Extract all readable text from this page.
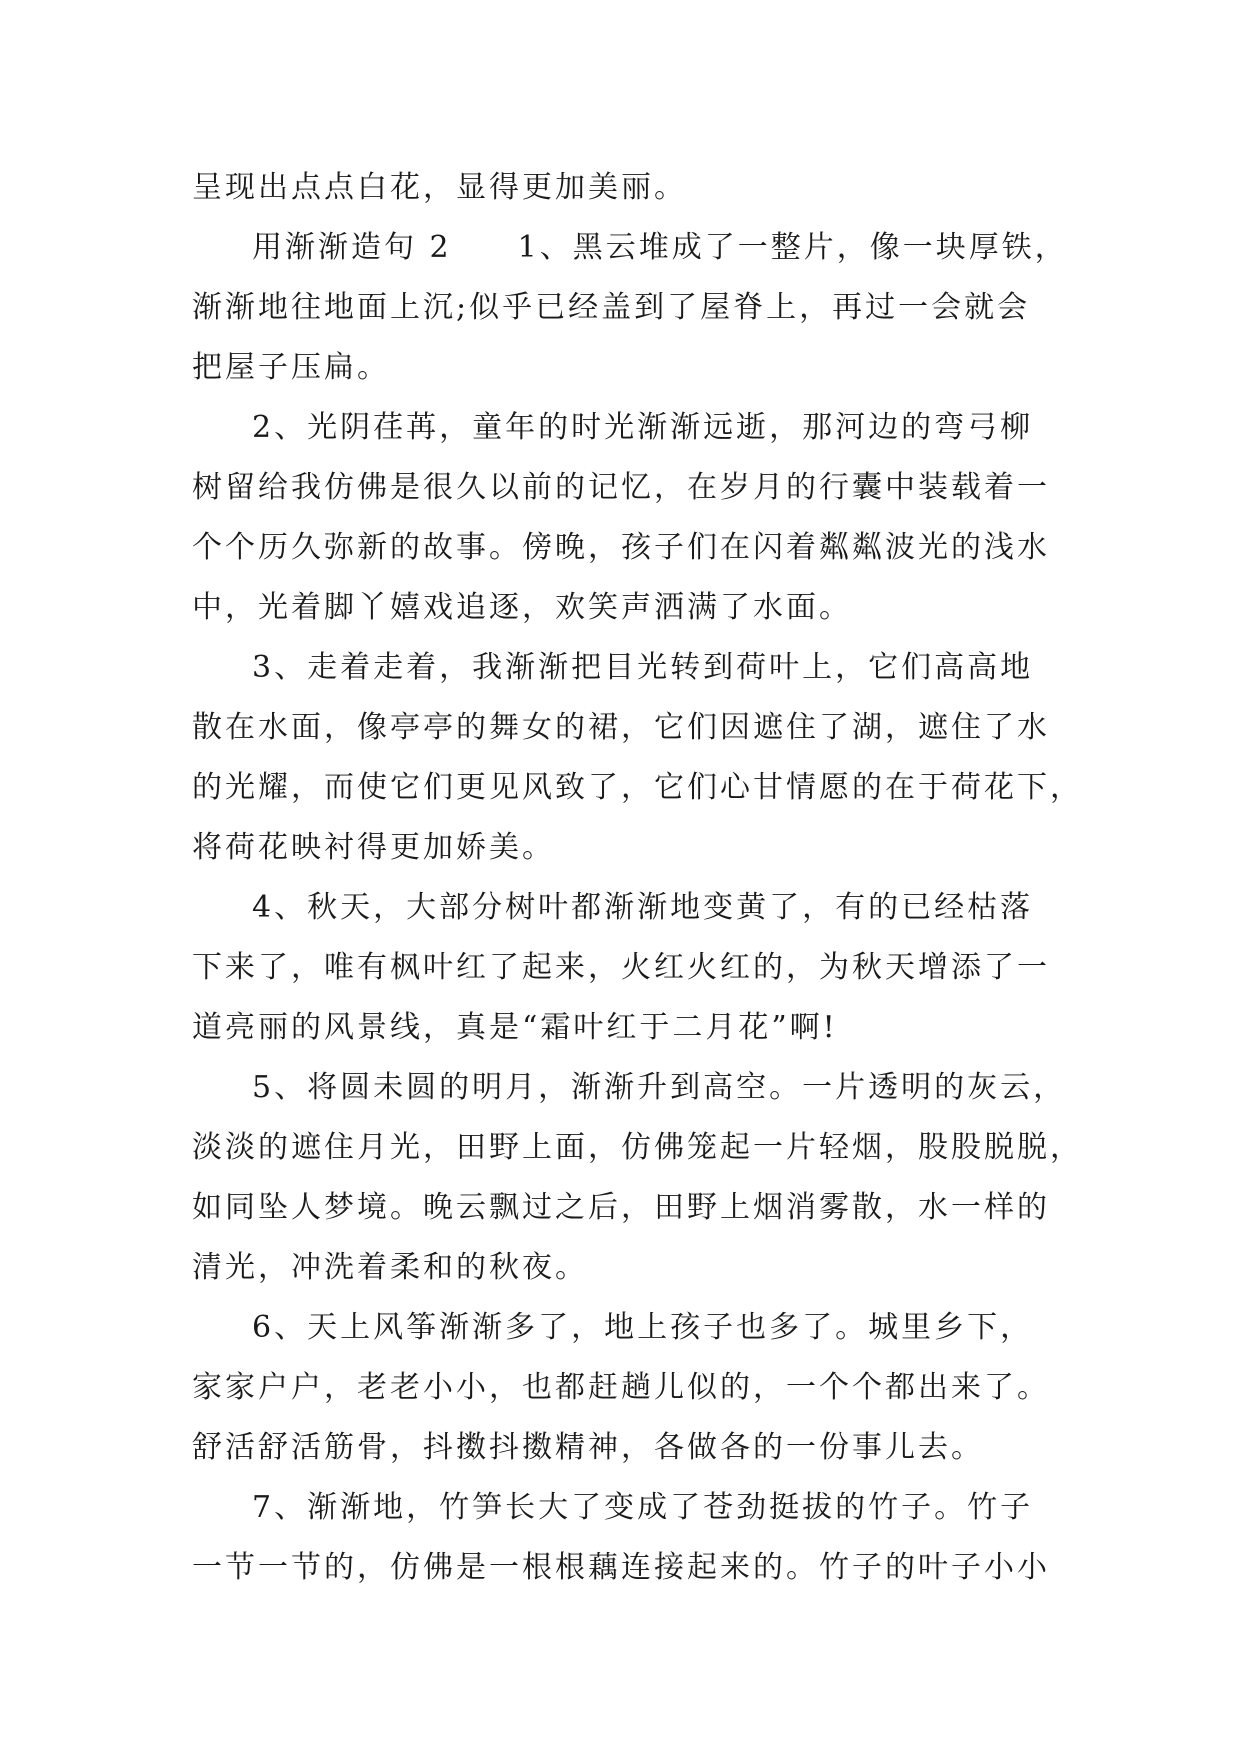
呈现出点点白花，显得更加美丽。

用渐渐造句 2　　1、黑云堆成了一整片，像一块厚铁，
渐渐地往地面上沉;似乎已经盖到了屋脊上，再过一会就会
把屋子压扁。

2、光阴荏苒，童年的时光渐渐远逝，那河边的弯弓柳
树留给我仿佛是很久以前的记忆，在岁月的行囊中装载着一
个个历久弥新的故事。傍晚，孩子们在闪着粼粼波光的浅水
中，光着脚丫嬉戏追逐，欢笑声洒满了水面。

3、走着走着，我渐渐把目光转到荷叶上，它们高高地
散在水面，像亭亭的舞女的裙，它们因遮住了湖，遮住了水
的光耀，而使它们更见风致了，它们心甘情愿的在于荷花下，
将荷花映衬得更加娇美。

4、秋天，大部分树叶都渐渐地变黄了，有的已经枯落
下来了，唯有枫叶红了起来，火红火红的，为秋天增添了一
道亮丽的风景线，真是“霜叶红于二月花”啊!

5、将圆未圆的明月，渐渐升到高空。一片透明的灰云，
淡淡的遮住月光，田野上面，仿佛笼起一片轻烟，股股脱脱，
如同坠人梦境。晚云飘过之后，田野上烟消雾散，水一样的
清光，冲洗着柔和的秋夜。

6、天上风筝渐渐多了，地上孩子也多了。城里乡下，
家家户户，老老小小，也都赶趟儿似的，一个个都出来了。
舒活舒活筋骨，抖擞抖擞精神，各做各的一份事儿去。

7、渐渐地，竹笋长大了变成了苍劲挺拔的竹子。竹子
一节一节的，仿佛是一根根藕连接起来的。竹子的叶子小小
